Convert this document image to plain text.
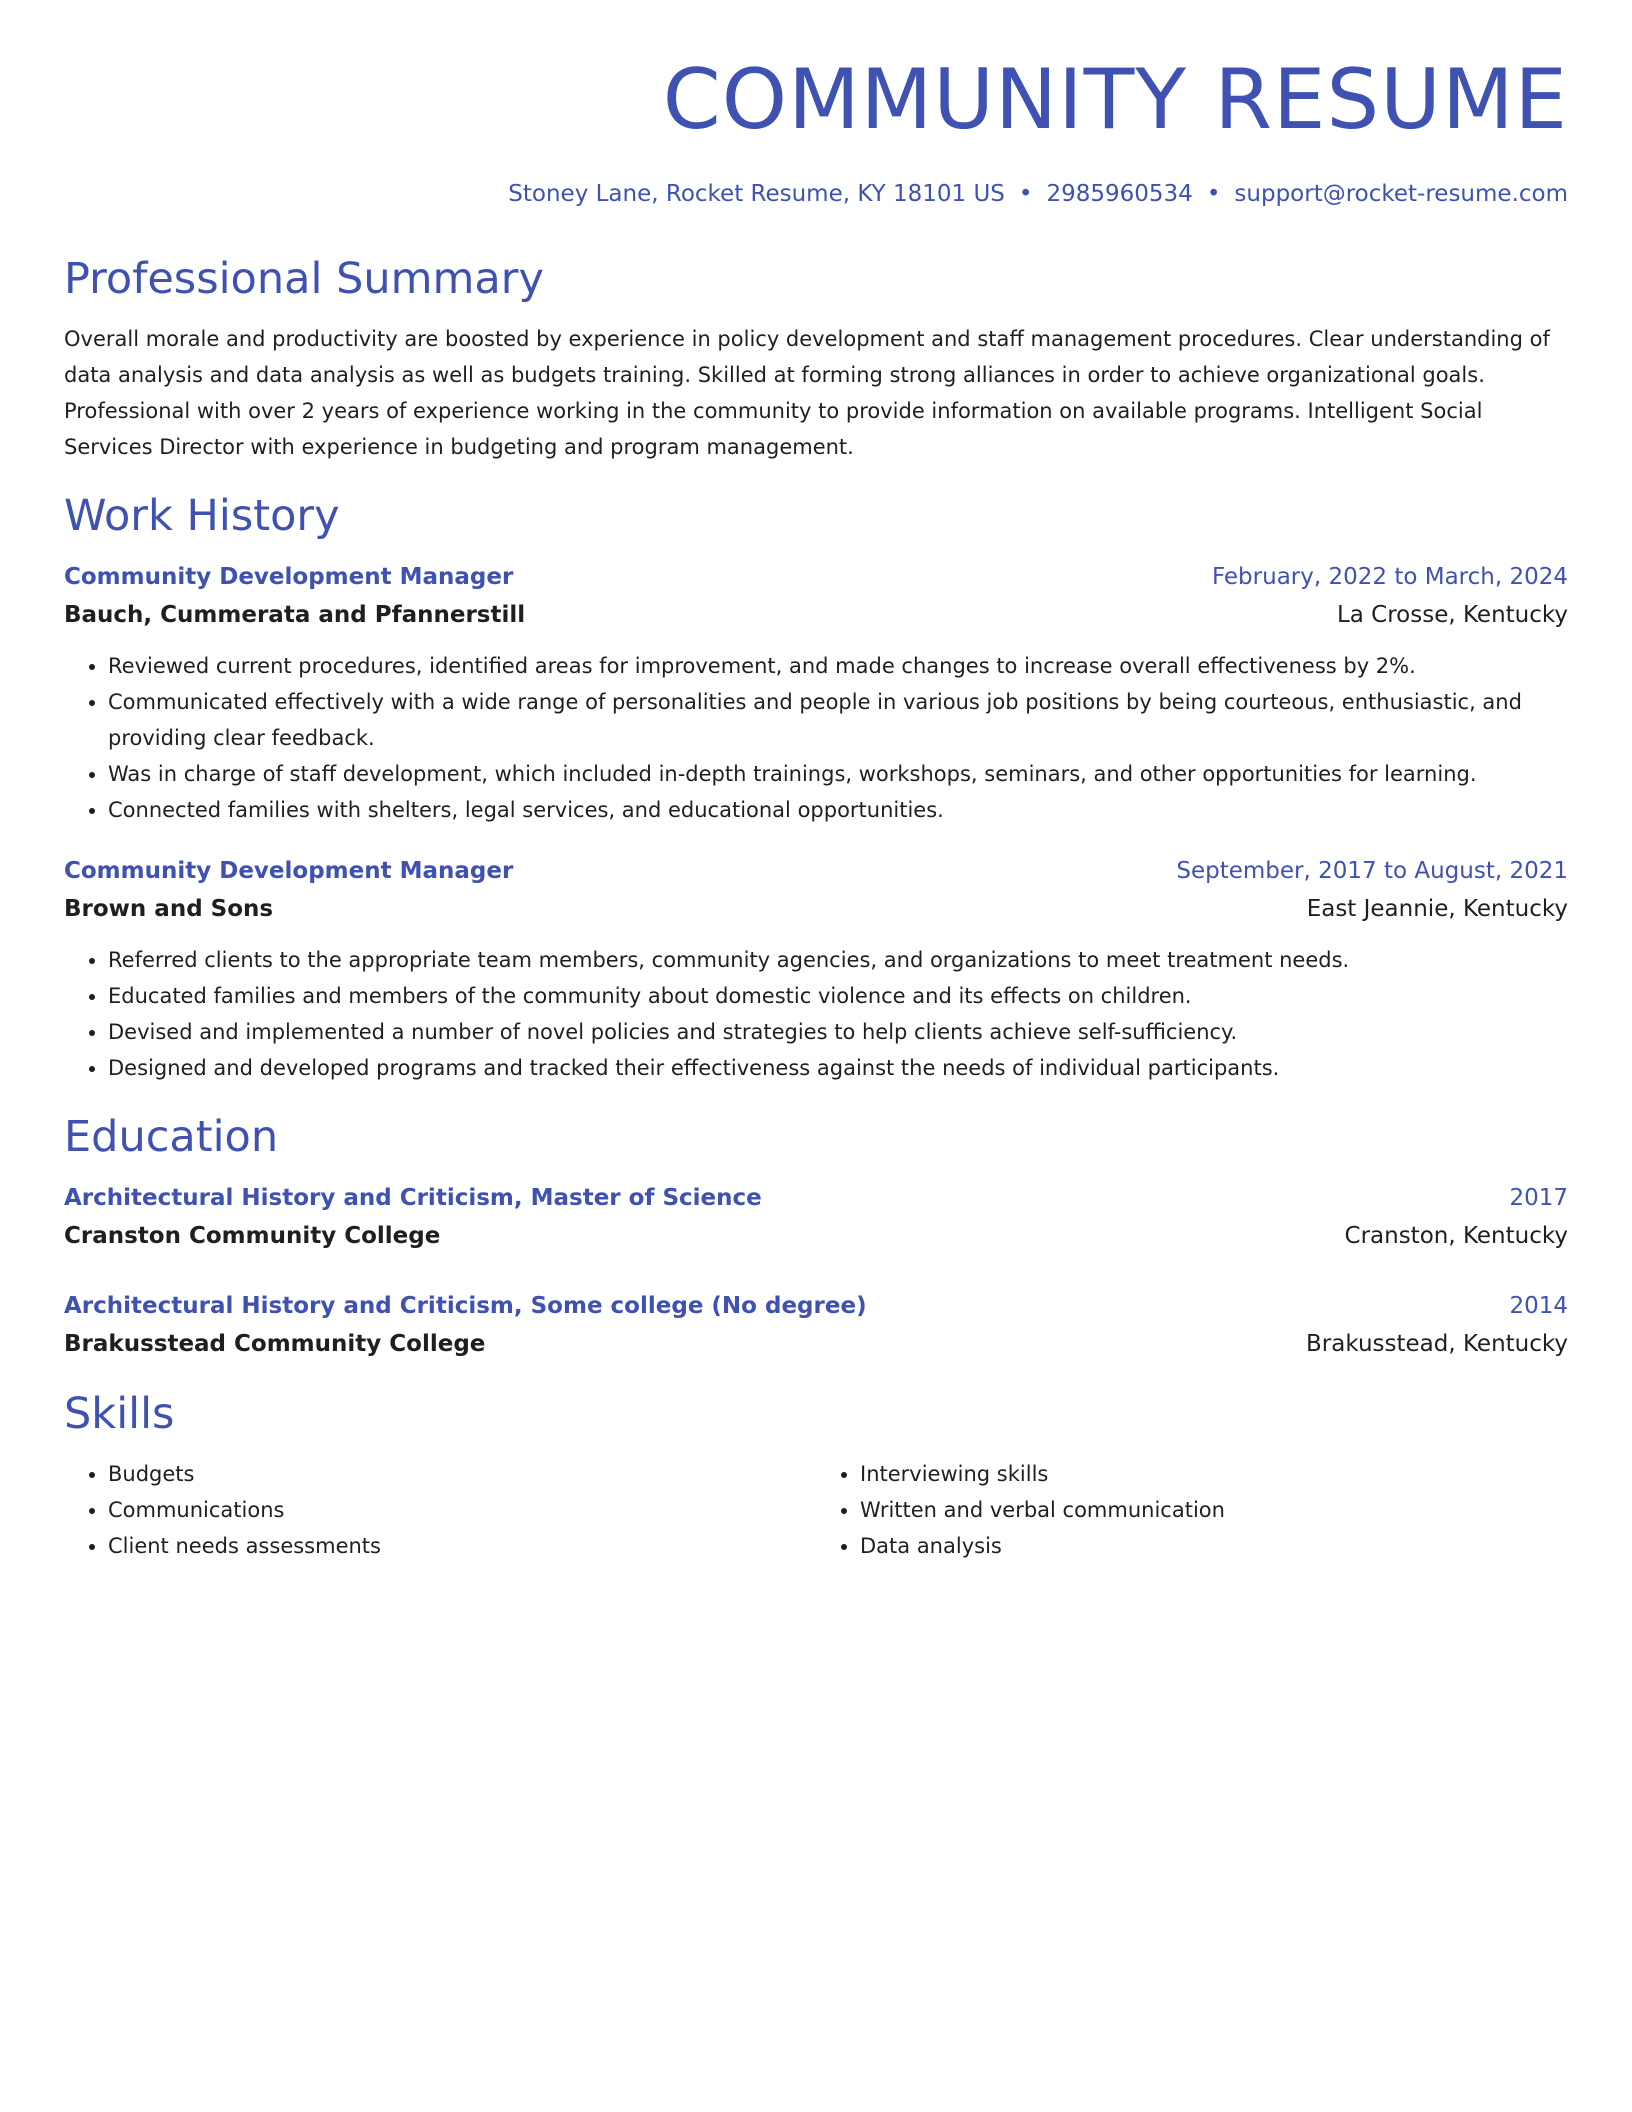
COMMUNITY RESUME
Stoney Lane, Rocket Resume, KY 18101 US • 2985960534 • support@rocket-resume.com
Professional Summary

Overall morale and productivity are boosted by experience in policy development and staff management procedures. Clear understanding of data analysis and data analysis as well as budgets training. Skilled at forming strong alliances in order to achieve organizational goals. Professional with over 2 years of experience working in the community to provide information on available programs. Intelligent Social Services Director with experience in budgeting and program management.

Work History
Community Development Manager	February, 2022 to March, 2024
Bauch, Cummerata and Pfannerstill	La Crosse, Kentucky
• Reviewed current procedures, identified areas for improvement, and made changes to increase overall effectiveness by 2%.
• Communicated effectively with a wide range of personalities and people in various job positions by being courteous, enthusiastic, and providing clear feedback.
• Was in charge of staff development, which included in-depth trainings, workshops, seminars, and other opportunities for learning.
• Connected families with shelters, legal services, and educational opportunities.
Community Development Manager	September, 2017 to August, 2021
Brown and Sons	East Jeannie, Kentucky
• Referred clients to the appropriate team members, community agencies, and organizations to meet treatment needs.
• Educated families and members of the community about domestic violence and its effects on children.
• Devised and implemented a number of novel policies and strategies to help clients achieve self-sufficiency.
• Designed and developed programs and tracked their effectiveness against the needs of individual participants.
Education
Architectural History and Criticism, Master of Science	2017
Cranston Community College	Cranston, Kentucky
Architectural History and Criticism, Some college (No degree)	2014
Brakusstead Community College	Brakusstead, Kentucky
Skills
• Budgets
• Communications
• Client needs assessments
• Interviewing skills
• Written and verbal communication
• Data analysis
